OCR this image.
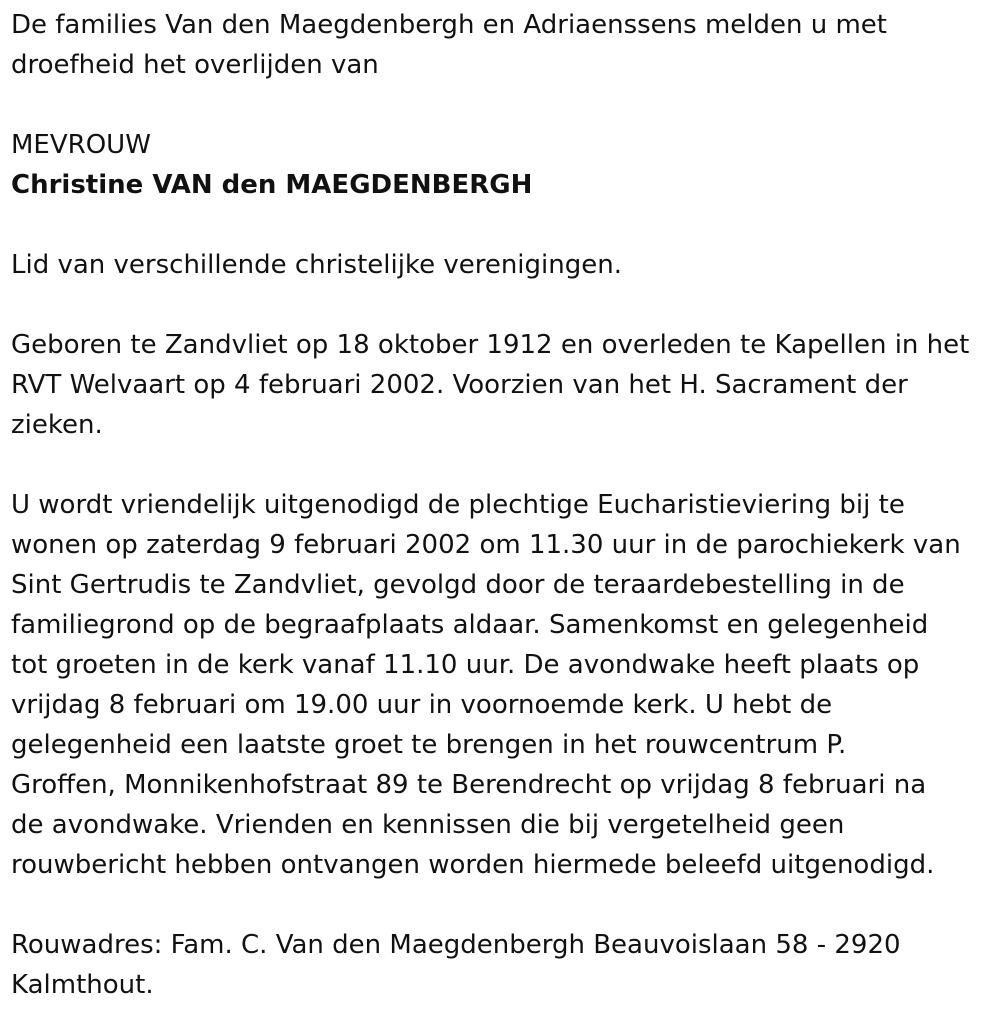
De families Van den Maegdenbergh en Adriaenssens melden u met
droefheid het overlijden van
MEVROUW
Christine VAN den MAEGDENBERGH
Lid van verschillende christelijke verenigingen.
Geboren te Zandvliet op 18 oktober 1912 en overleden te Kapellen in het
RVT Welvaart op 4 februari 2002. Voorzien van het H. Sacrament der
zieken.
U wordt vriendelijk uitgenodigd de plechtige Eucharistieviering bij te
wonen op zaterdag 9 februari 2002 om 11.30 uur in de parochiekerk van
Sint Gertrudis te Zandvliet, gevolgd door de teraardebestelling in de
familiegrond op de begraafplaats aldaar. Samenkomst en gelegenheid
tot groeten in de kerk vanaf 11.10 uur. De avondwake heeft plaats op
vrijdag 8 februari om 19.00 uur in voornoemde kerk. U hebt de
gelegenheid een laatste groet te brengen in het rouwcentrum P.
Groffen, Monnikenhofstraat 89 te Berendrecht op vrijdag 8 februari na
de avondwake. Vrienden en kennissen die bij vergetelheid geen
rouwbericht hebben ontvangen worden hiermede beleefd uitgenodigd.
Rouwadres: Fam. C. Van den Maegdenbergh Beauvoislaan 58 - 2920
Kalmthout.
